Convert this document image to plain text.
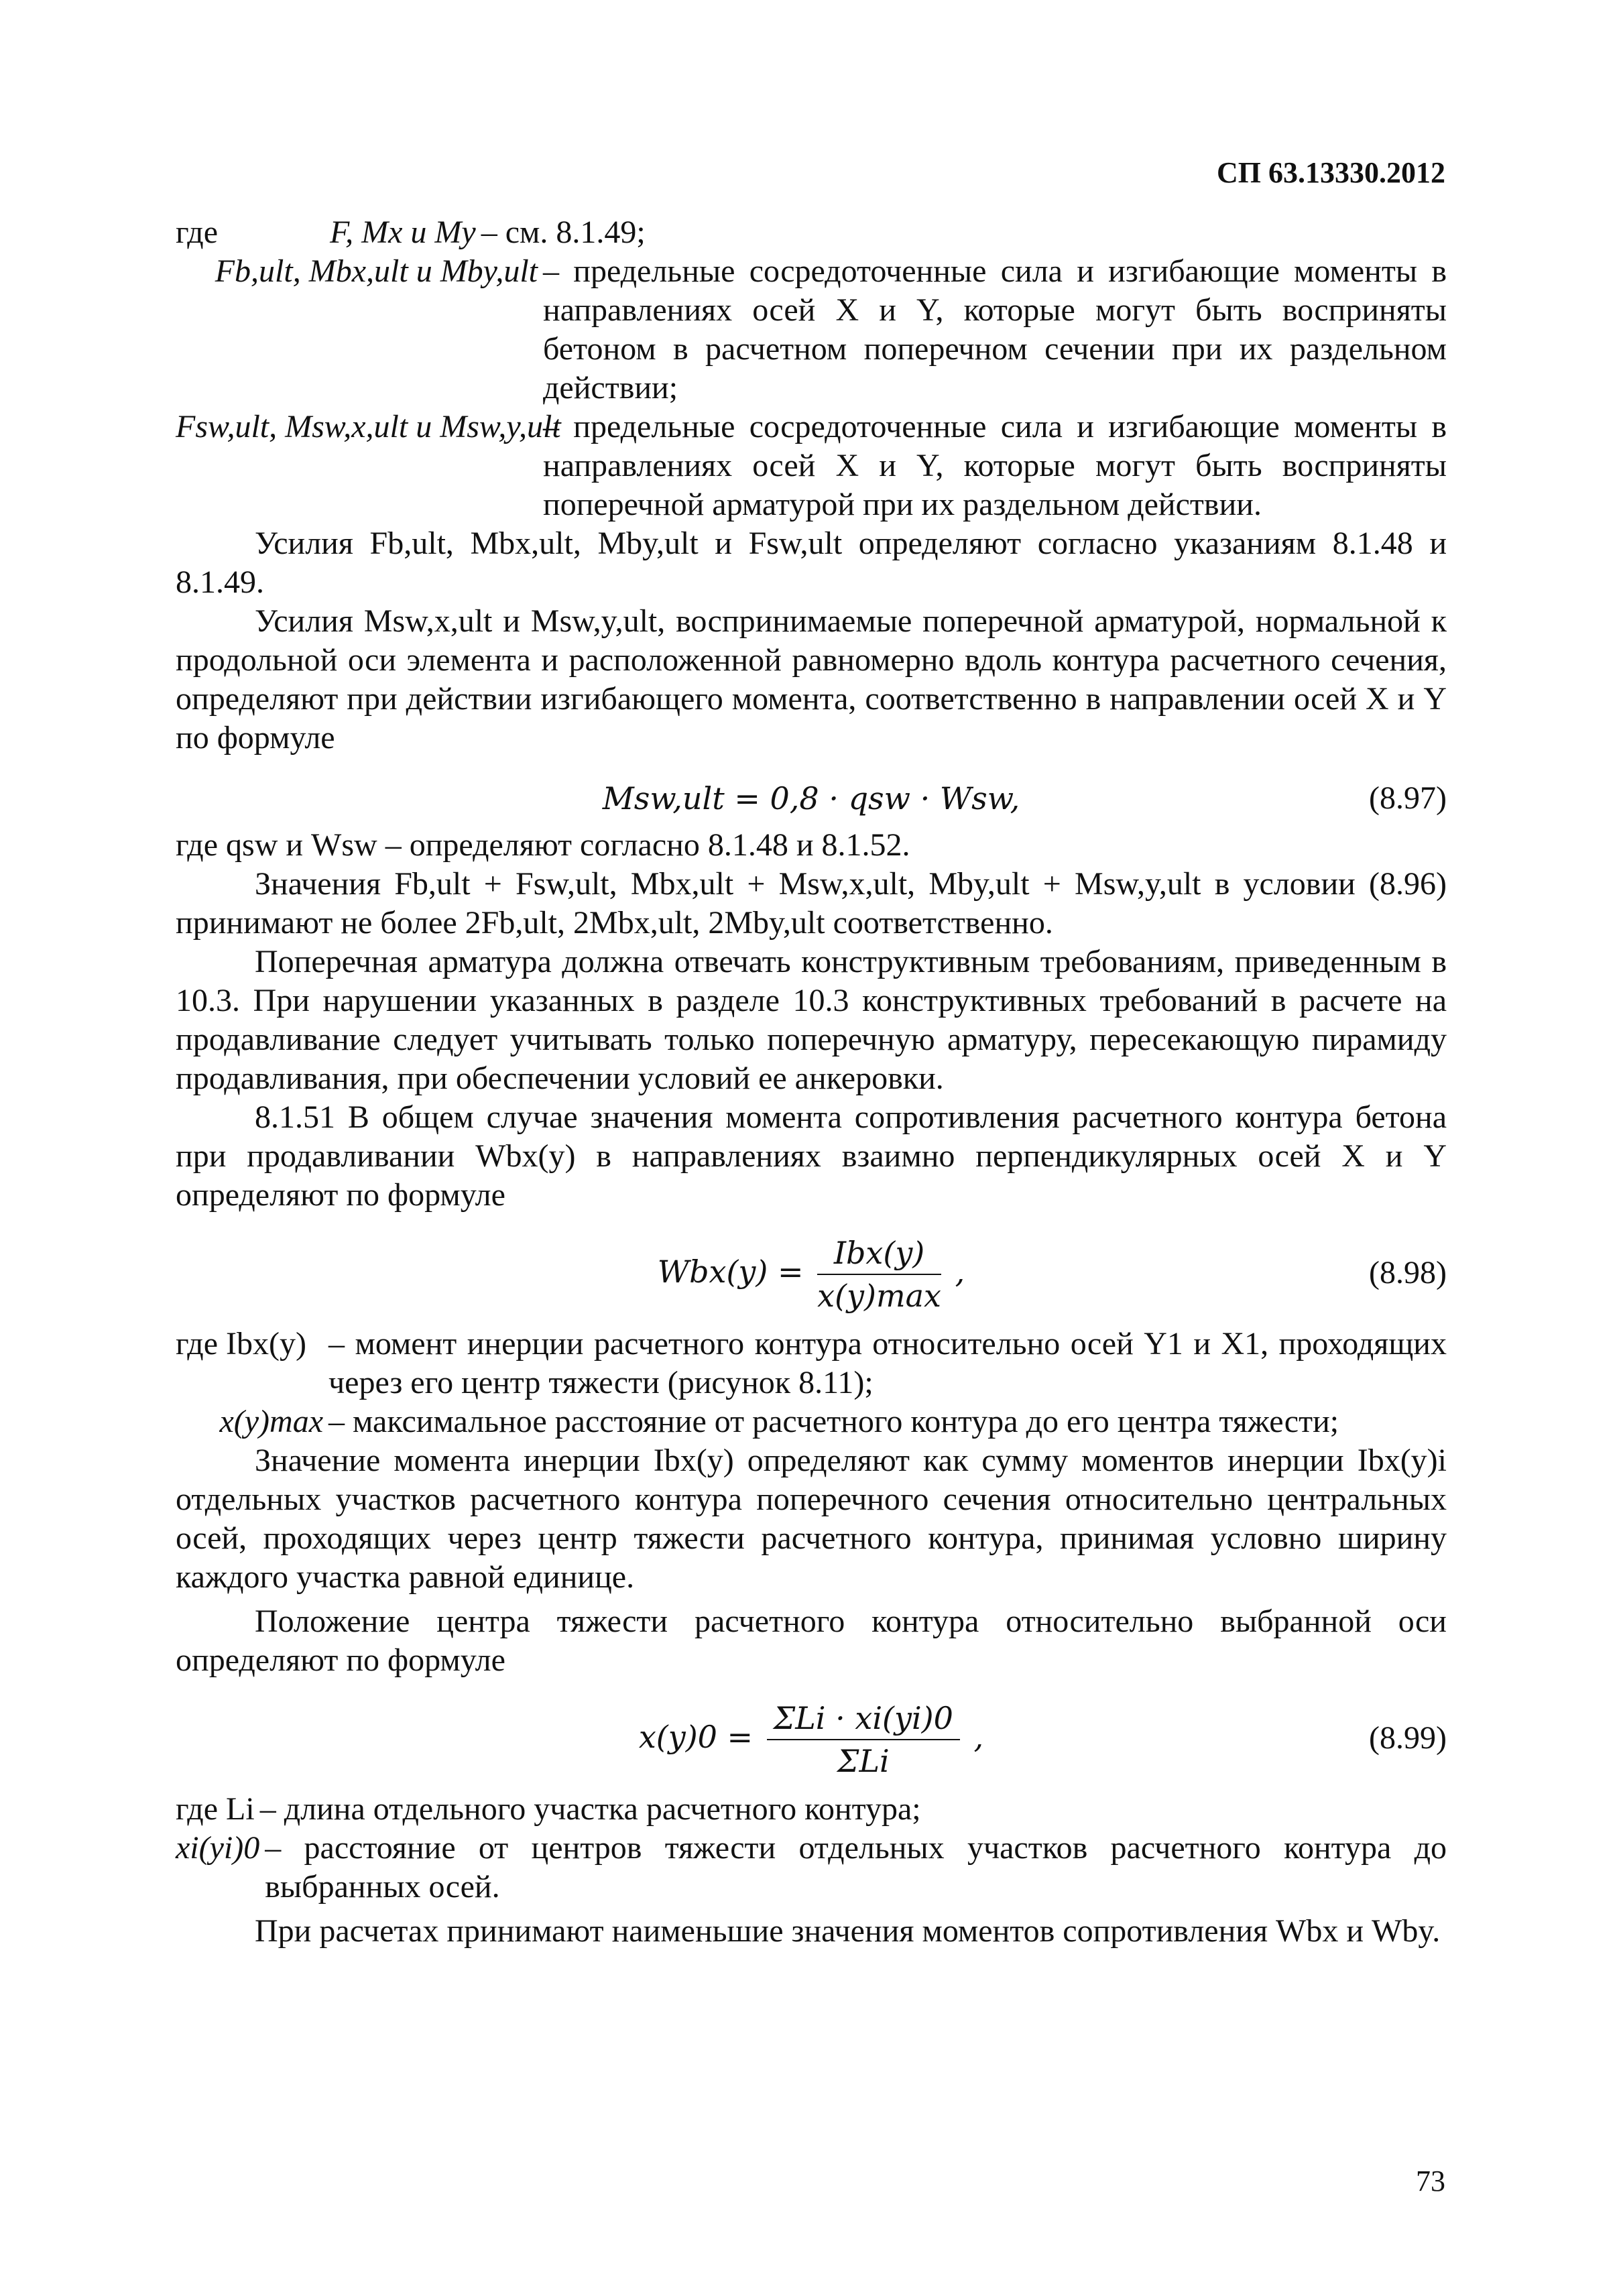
СП 63.13330.2012
где	F, Mx и My – см. 8.1.49;
Fb,ult, Mbx,ult и Mby,ult – предельные сосредоточенные сила и изгибающие моменты в направлениях осей X и Y, которые могут быть восприняты бетоном в расчетном поперечном сечении при их раздельном действии;
Fsw,ult, Msw,x,ult и Msw,y,ult
– предельные сосредоточенные сила и изгибающие моменты в направлениях осей X и Y, которые могут быть восприняты поперечной арматурой при их раздельном действии.

Усилия Fb,ult, Mbx,ult, Mby,ult и Fsw,ult определяют согласно указаниям 8.1.48 и 8.1.49.

Усилия Msw,x,ult и Msw,y,ult, воспринимаемые поперечной арматурой, нормальной к продольной оси элемента и расположенной равномерно вдоль контура расчетного сечения, определяют при действии изгибающего момента, соответственно в направлении осей X и Y по формуле

Msw,ult = 0,8 · qsw · Wsw,	(8.97)

где qsw и Wsw – определяют согласно 8.1.48 и 8.1.52.

Значения Fb,ult + Fsw,ult, Mbx,ult + Msw,x,ult, Mby,ult + Msw,y,ult в условии (8.96) принимают не более 2Fb,ult, 2Mbx,ult, 2Mby,ult соответственно.

Поперечная арматура должна отвечать конструктивным требованиям, приведенным в 10.3. При нарушении указанных в разделе 10.3 конструктивных требований в расчете на продавливание следует учитывать только поперечную арматуру, пересекающую пирамиду продавливания, при обеспечении условий ее анкеровки.

8.1.51 В общем случае значения момента сопротивления расчетного контура бетона при продавливании Wbx(y) в направлениях взаимно перпендикулярных осей X и Y определяют по формуле

$Wbx(y) = \frac{\text{Ibx(y)}}{x(y)\max}$ ,	(8.98)
где Ibx(y) – момент инерции расчетного контура относительно осей Y1 и X1, проходящих через его центр тяжести (рисунок 8.11);
x(y)max – максимальное расстояние от расчетного контура до его центра тяжести;

Значение момента инерции Ibx(y) определяют как сумму моментов инерции Ibx(y)i отдельных участков расчетного контура поперечного сечения относительно центральных осей, проходящих через центр тяжести расчетного контура, принимая условно ширину каждого участка равной единице.

Положение центра тяжести расчетного контура относительно выбранной оси определяют по формуле

$x(y)0 = \frac{\text{ΣLi · xi(yi)0}}{\text{ΣLi}}$ ,	(8.99)
где Li – длина отдельного участка расчетного контура;
xi(yi)0 – расстояние от центров тяжести отдельных участков расчетного контура до выбранных осей.

При расчетах принимают наименьшие значения моментов сопротивления Wbx и Wby.

73
